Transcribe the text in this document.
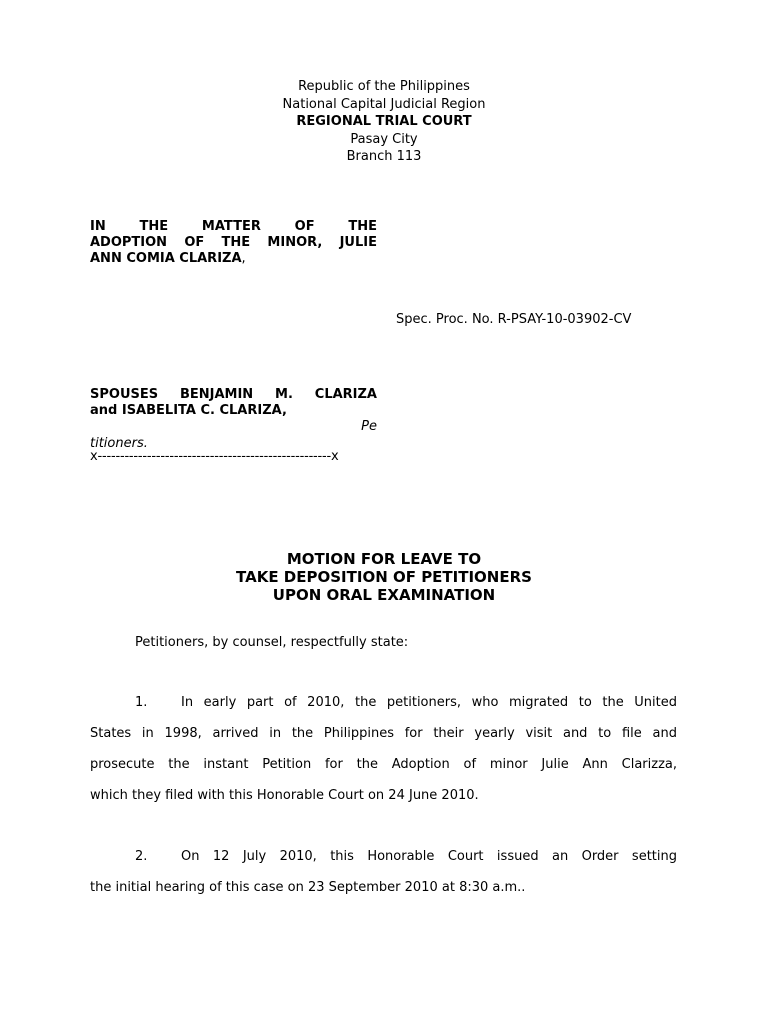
Republic of the Philippines
National Capital Judicial Region
REGIONAL TRIAL COURT
Pasay City
Branch 113
IN THE MATTER OF THE
ADOPTION OF THE MINOR, JULIE
ANN COMIA CLARIZA,
Spec. Proc. No. R-PSAY-10-03902-CV
SPOUSES BENJAMIN M. CLARIZA
and ISABELITA C. CLARIZA,
Pe
titioners.
x----------------------------------------------------x
MOTION FOR LEAVE TO
TAKE DEPOSITION OF PETITIONERS
UPON ORAL EXAMINATION
Petitioners, by counsel, respectfully state:
1.	In early part of 2010, the petitioners, who migrated to the United
States in 1998, arrived in the Philippines for their yearly visit and to file and
prosecute the instant Petition for the Adoption of minor Julie Ann Clarizza,
which they filed with this Honorable Court on 24 June 2010.
2.	On 12 July 2010, this Honorable Court issued an Order setting
the initial hearing of this case on 23 September 2010 at 8:30 a.m..
